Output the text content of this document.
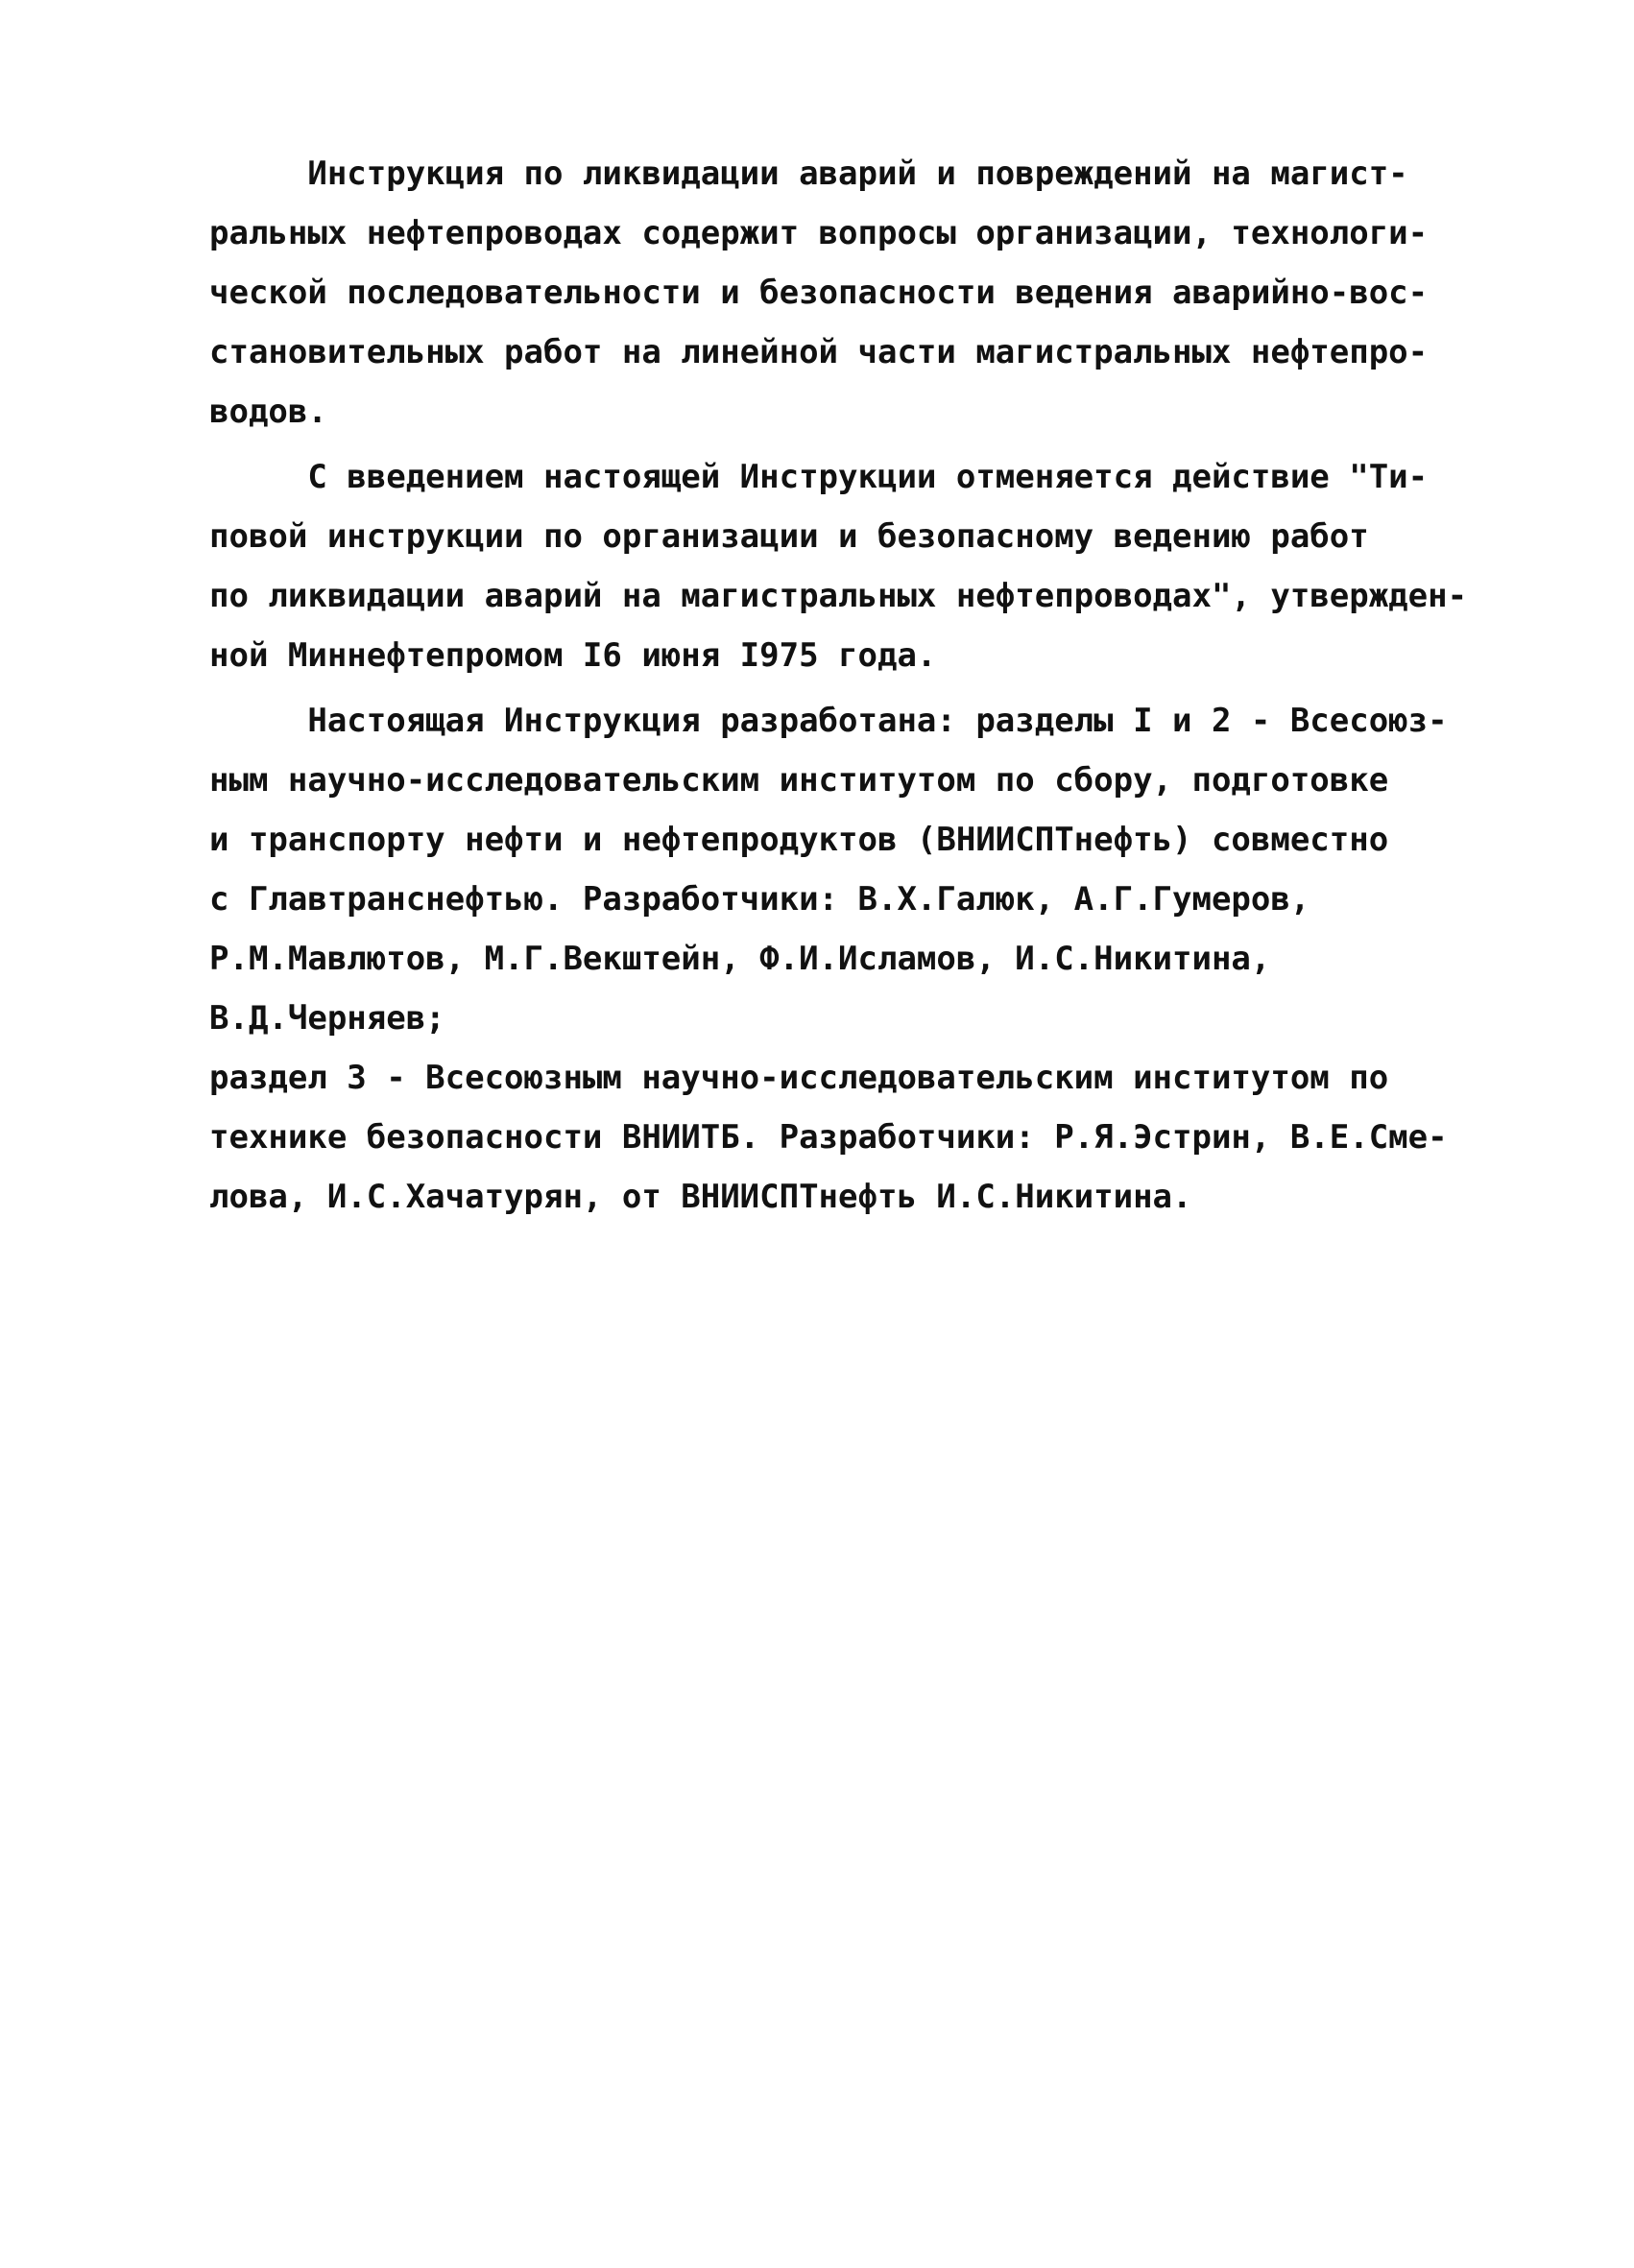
Инструкция по ликвидации аварий и повреждений на магист-
ральных нефтепроводах содержит вопросы организации, технологи-
ческой последовательности и безопасности ведения аварийно-вос-
становительных работ на линейной части магистральных нефтепро-
водов.
С введением настоящей Инструкции отменяется действие "Ти-
повой инструкции по организации и безопасному ведению работ
по ликвидации аварий на магистральных нефтепроводах", утвержден-
ной Миннефтепромом I6 июня I975 года.
Настоящая Инструкция разработана: разделы I и 2 - Всесоюз-
ным научно-исследовательским институтом по сбору, подготовке
и транспорту нефти и нефтепродуктов (ВНИИСПТнефть) совместно
с Главтранснефтью. Разработчики: В.Х.Галюк, А.Г.Гумеров,
Р.М.Мавлютов, М.Г.Векштейн, Ф.И.Исламов, И.С.Никитина,
В.Д.Черняев;
раздел 3 - Всесоюзным научно-исследовательским институтом по
технике безопасности ВНИИТБ. Разработчики: Р.Я.Эстрин, В.Е.Сме-
лова, И.С.Хачатурян, от ВНИИСПТнефть И.С.Никитина.
